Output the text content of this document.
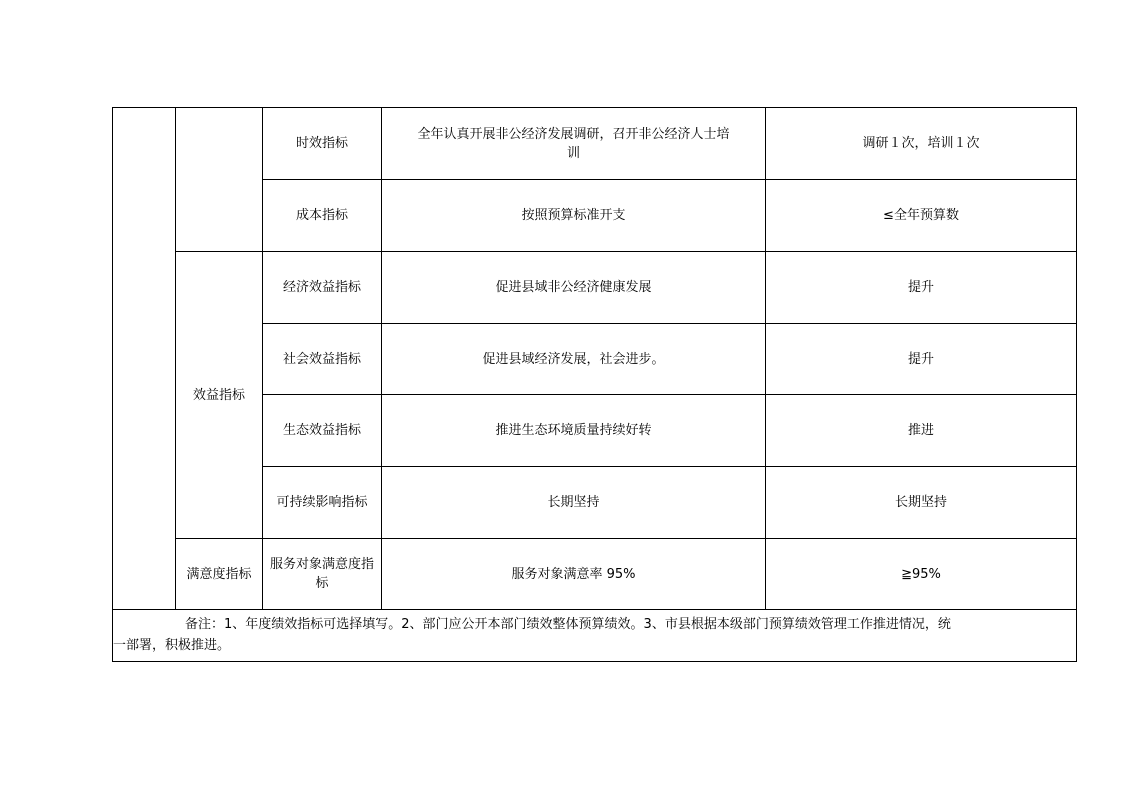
		时效指标	全年认真开展非公经济发展调研，召开非公经济人士培训	调研１次，培训１次
		成本指标	按照预算标准开支	≤全年预算数
	效益指标	经济效益指标	促进县域非公经济健康发展	提升
		社会效益指标	促进县域经济发展，社会进步。	提升
		生态效益指标	推进生态环境质量持续好转	推进
		可持续影响指标	长期坚持	长期坚持
	满意度指标	服务对象满意度指标	服务对象满意率 95%	≧95%
备注：1、年度绩效指标可选择填写。2、部门应公开本部门绩效整体预算绩效。3、市县根据本级部门预算绩效管理工作推进情况，统
一部署，积极推进。				
